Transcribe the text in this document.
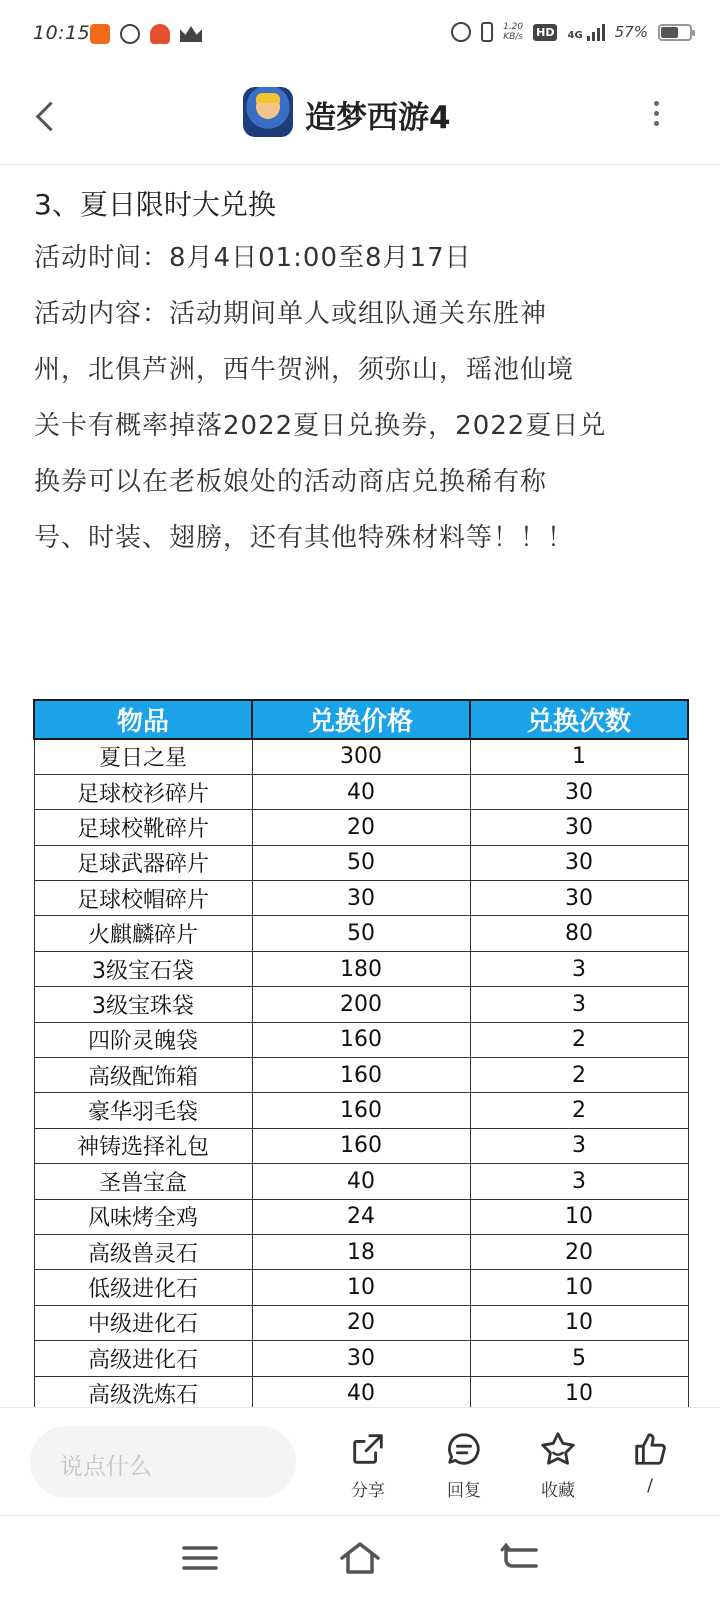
10:15	1.20
KB/s HD	4G 57%
造梦西游4
3、夏日限时大兑换
活动时间：8月4日01:00至8月17日
活动内容：活动期间单人或组队通关东胜神
州，北俱芦洲，西牛贺洲，须弥山，瑶池仙境
关卡有概率掉落2022夏日兑换券，2022夏日兑
换券可以在老板娘处的活动商店兑换稀有称
号、时装、翅膀，还有其他特殊材料等！！！
物品	兑换价格	兑换次数
夏日之星	300	1
足球校衫碎片	40	30
足球校靴碎片	20	30
足球武器碎片	50	30
足球校帽碎片	30	30
火麒麟碎片	50	80
3级宝石袋	180	3
3级宝珠袋	200	3
四阶灵魄袋	160	2
高级配饰箱	160	2
豪华羽毛袋	160	2
神铸选择礼包	160	3
圣兽宝盒	40	3
风味烤全鸡	24	10
高级兽灵石	18	20
低级进化石	10	10
中级进化石	20	10
高级进化石	30	5
高级洗炼石	40	10
说点什么
分享	回复	收藏	/
